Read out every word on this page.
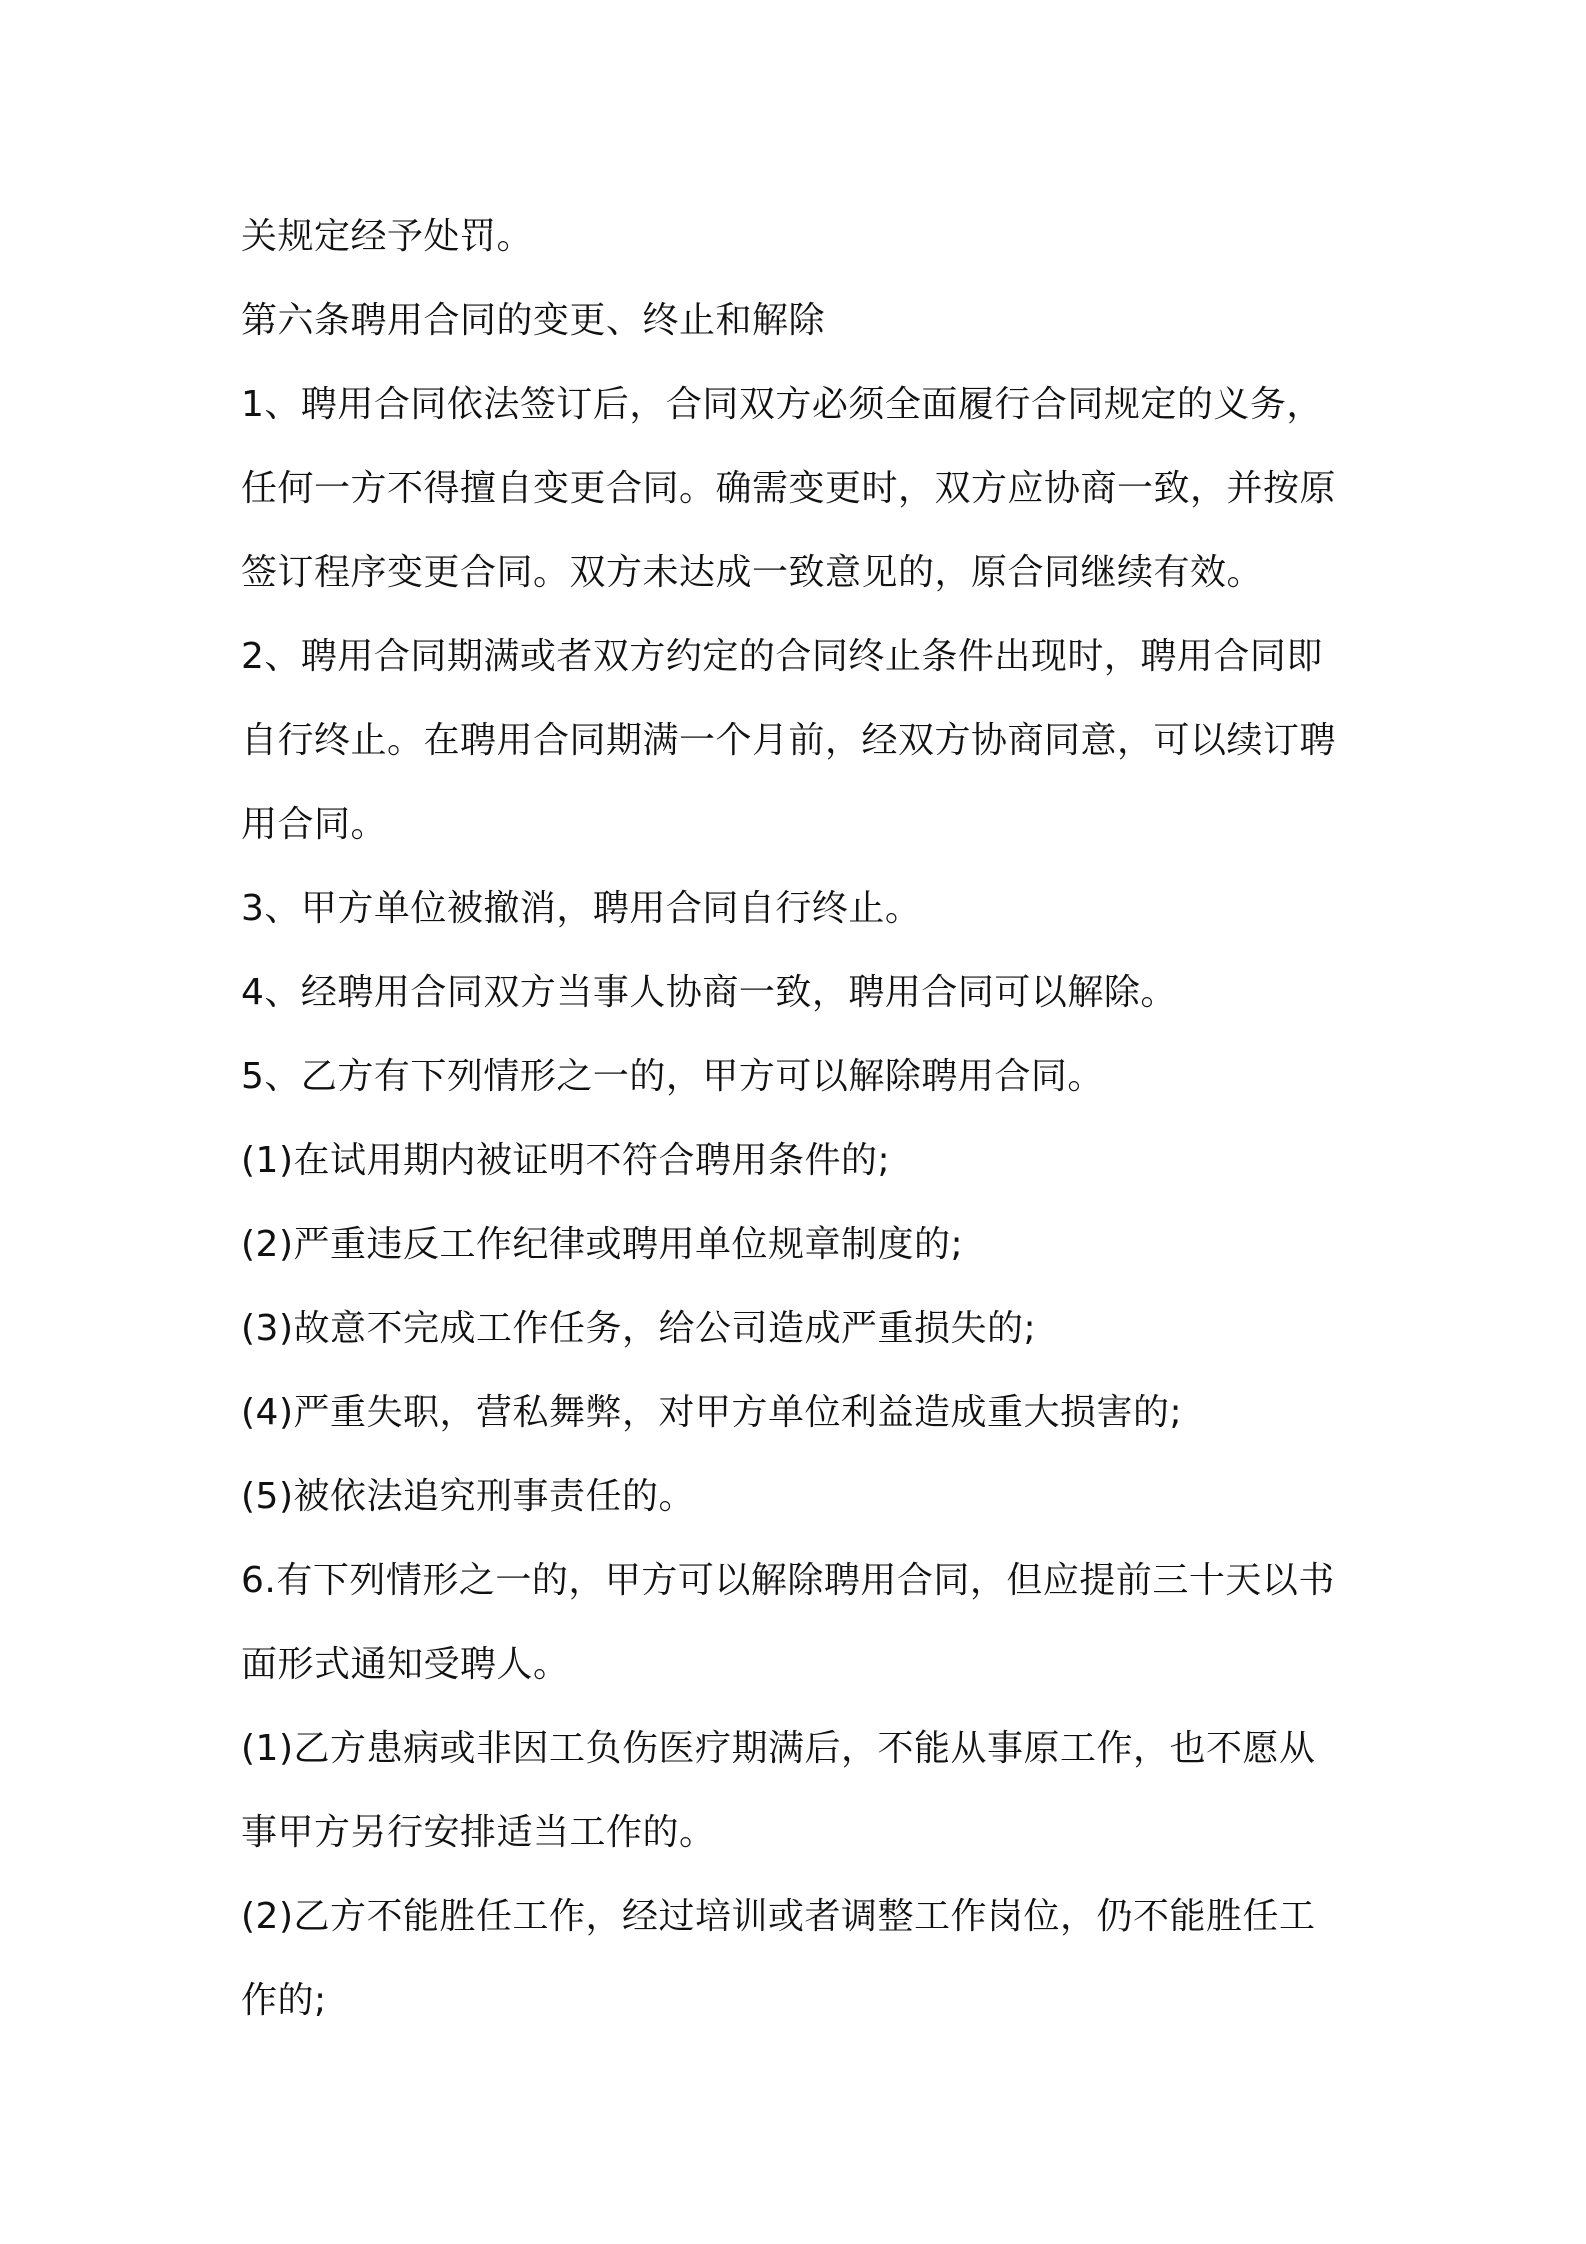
关规定经予处罚。

第六条聘用合同的变更、终止和解除

1、聘用合同依法签订后，合同双方必须全面履行合同规定的义务，

任何一方不得擅自变更合同。确需变更时，双方应协商一致，并按原

签订程序变更合同。双方未达成一致意见的，原合同继续有效。

2、聘用合同期满或者双方约定的合同终止条件出现时，聘用合同即

自行终止。在聘用合同期满一个月前，经双方协商同意，可以续订聘

用合同。

3、甲方单位被撤消，聘用合同自行终止。

4、经聘用合同双方当事人协商一致，聘用合同可以解除。

5、乙方有下列情形之一的，甲方可以解除聘用合同。

(1)在试用期内被证明不符合聘用条件的;

(2)严重违反工作纪律或聘用单位规章制度的;

(3)故意不完成工作任务，给公司造成严重损失的;

(4)严重失职，营私舞弊，对甲方单位利益造成重大损害的;

(5)被依法追究刑事责任的。

6.有下列情形之一的，甲方可以解除聘用合同，但应提前三十天以书

面形式通知受聘人。

(1)乙方患病或非因工负伤医疗期满后，不能从事原工作，也不愿从

事甲方另行安排适当工作的。

(2)乙方不能胜任工作，经过培训或者调整工作岗位，仍不能胜任工

作的;
